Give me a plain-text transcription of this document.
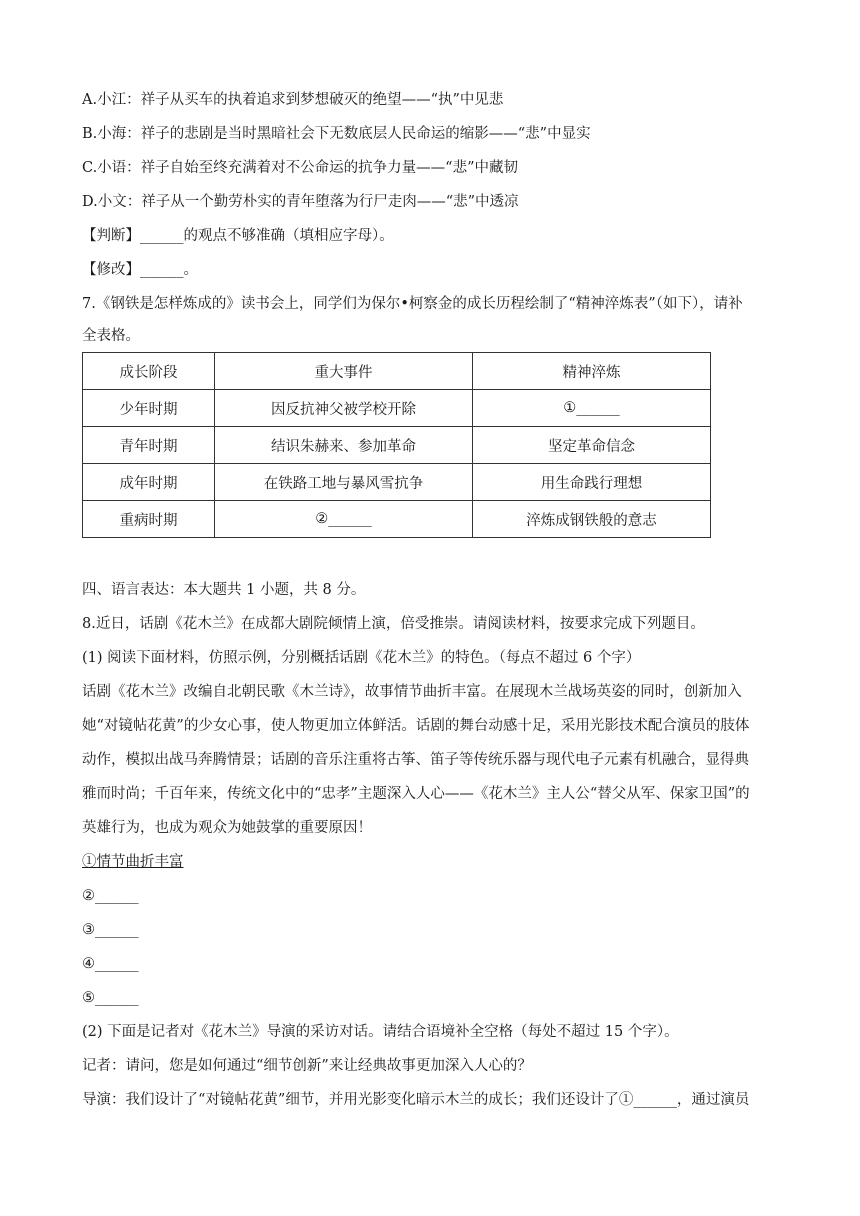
A.小江：祥子从买车的执着追求到梦想破灭的绝望——“执”中见悲
B.小海：祥子的悲剧是当时黑暗社会下无数底层人民命运的缩影——“悲”中显实
C.小语：祥子自始至终充满着对不公命运的抗争力量——“悲”中藏韧
D.小文：祥子从一个勤劳朴实的青年堕落为行尸走肉——“悲”中透凉
【判断】______的观点不够准确（填相应字母）。
【修改】______。
7.《钢铁是怎样炼成的》读书会上，同学们为保尔•柯察金的成长历程绘制了“精神淬炼表”（如下），请补
全表格。
成长阶段	重大事件	精神淬炼
少年时期	因反抗神父被学校开除	①______
青年时期	结识朱赫来、参加革命	坚定革命信念
成年时期	在铁路工地与暴风雪抗争	用生命践行理想
重病时期	②______	淬炼成钢铁般的意志
四、语言表达：本大题共 1 小题，共 8 分。
8.近日，话剧《花木兰》在成都大剧院倾情上演，倍受推崇。请阅读材料，按要求完成下列题目。
(1) 阅读下面材料，仿照示例，分别概括话剧《花木兰》的特色。（每点不超过 6 个字）
话剧《花木兰》改编自北朝民歌《木兰诗》，故事情节曲折丰富。在展现木兰战场英姿的同时，创新加入
她“对镜帖花黄”的少女心事，使人物更加立体鲜活。话剧的舞台动感十足，采用光影技术配合演员的肢体
动作，模拟出战马奔腾情景；话剧的音乐注重将古筝、笛子等传统乐器与现代电子元素有机融合，显得典
雅而时尚；千百年来，传统文化中的“忠孝”主题深入人心——《花木兰》主人公“替父从军、保家卫国”的
英雄行为，也成为观众为她鼓掌的重要原因！
①情节曲折丰富
②______
③______
④______
⑤______
(2) 下面是记者对《花木兰》导演的采访对话。请结合语境补全空格（每处不超过 15 个字）。
记者：请问，您是如何通过“细节创新”来让经典故事更加深入人心的？
导演：我们设计了“对镜帖花黄”细节，并用光影变化暗示木兰的成长；我们还设计了①______，通过演员
